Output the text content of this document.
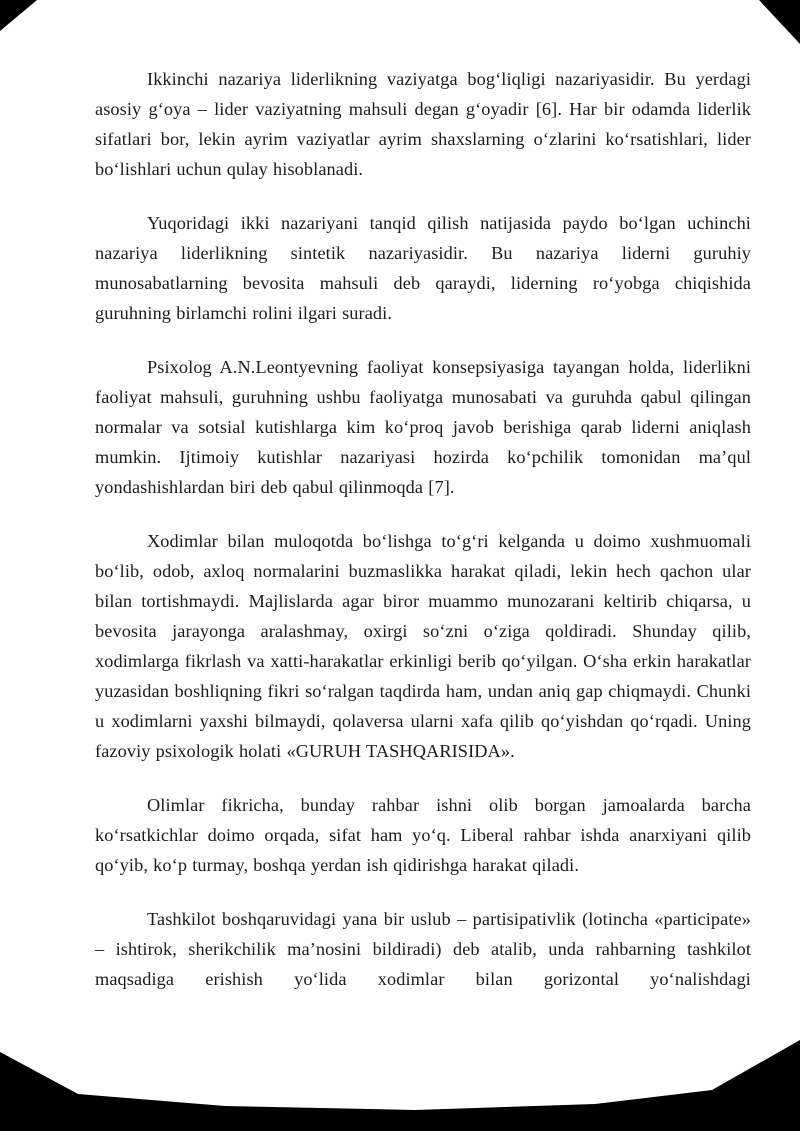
Ikkinchi nazariya liderlikning vaziyatga bog‘liqligi nazariyasidir. Bu yerdagi asosiy g‘oya – lider vaziyatning mahsuli degan g‘oyadir [6]. Har bir odamda liderlik sifatlari bor, lekin ayrim vaziyatlar ayrim shaxslarning o‘zlarini ko‘rsatishlari, lider bo‘lishlari uchun qulay hisoblanadi.

Yuqoridagi ikki nazariyani tanqid qilish natijasida paydo bo‘lgan uchinchi nazariya liderlikning sintetik nazariyasidir. Bu nazariya liderni guruhiy munosabatlarning bevosita mahsuli deb qaraydi, liderning ro‘yobga chiqishida guruhning birlamchi rolini ilgari suradi.

Psixolog A.N.Leontyevning faoliyat konsepsiyasiga tayangan holda, liderlikni faoliyat mahsuli, guruhning ushbu faoliyatga munosabati va guruhda qabul qilingan normalar va sotsial kutishlarga kim ko‘proq javob berishiga qarab liderni aniqlash mumkin. Ijtimoiy kutishlar nazariyasi hozirda ko‘pchilik tomonidan ma’qul yondashishlardan biri deb qabul qilinmoqda [7].

Xodimlar bilan muloqotda bo‘lishga to‘g‘ri kelganda u doimo xushmuomali bo‘lib, odob, axloq normalarini buzmaslikka harakat qiladi, lekin hech qachon ular bilan tortishmaydi. Majlislarda agar biror muammo munozarani keltirib chiqarsa, u bevosita jarayonga aralashmay, oxirgi so‘zni o‘ziga qoldiradi. Shunday qilib, xodimlarga fikrlash va xatti-harakatlar erkinligi berib qo‘yilgan. O‘sha erkin harakatlar yuzasidan boshliqning fikri so‘ralgan taqdirda ham, undan aniq gap chiqmaydi. Chunki u xodimlarni yaxshi bilmaydi, qolaversa ularni xafa qilib qo‘yishdan qo‘rqadi. Uning fazoviy psixologik holati «GURUH TASHQARISIDA».

Olimlar fikricha, bunday rahbar ishni olib borgan jamoalarda barcha ko‘rsatkichlar doimo orqada, sifat ham yo‘q. Liberal rahbar ishda anarxiyani qilib qo‘yib, ko‘p turmay, boshqa yerdan ish qidirishga harakat qiladi.

Tashkilot boshqaruvidagi yana bir uslub – partisipativlik (lotincha «participate» – ishtirok, sherikchilik ma’nosini bildiradi) deb atalib, unda rahbarning tashkilot maqsadiga erishish yo‘lida xodimlar bilan gorizontal yo‘nalishdagi
